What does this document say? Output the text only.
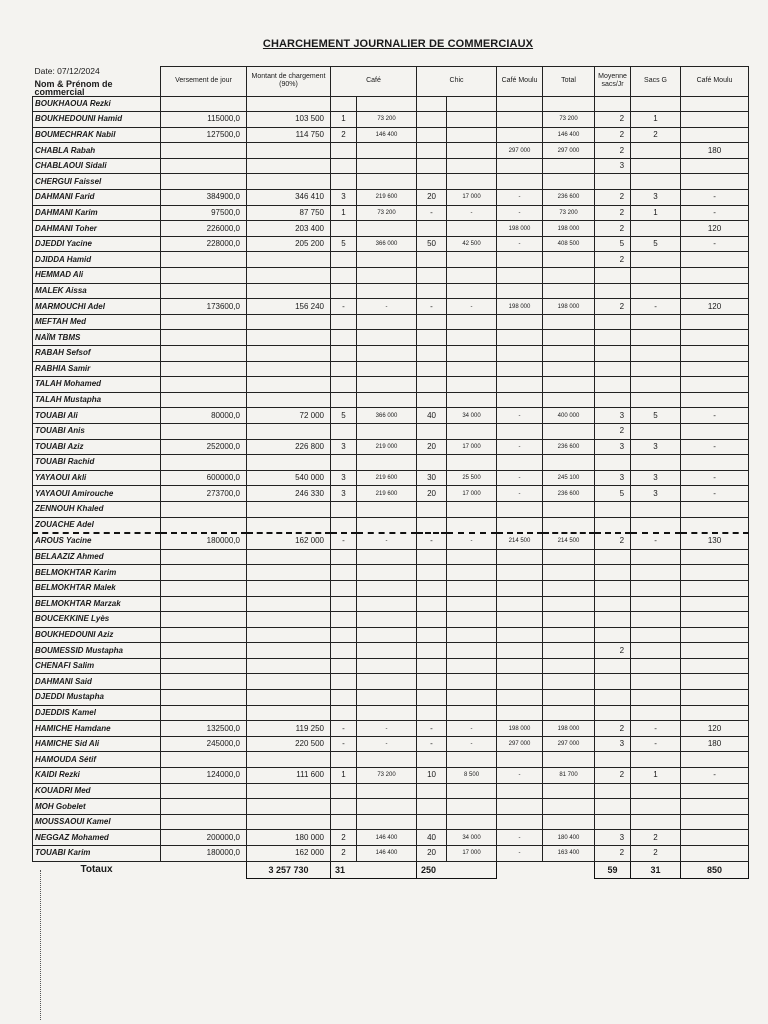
CHARCHEMENT JOURNALIER DE COMMERCIAUX
Date: 07/12/2024
Nom & Prénom de commercial	Versement de jour	Montant de chargement (90%)	Café		Chic		Café Moulu	Total	Moyenne sacs/Jr	Sacs G	Café Moulu
BOUKHAOUA Rezki											
BOUKHEDOUNI Hamid	115000,0	103 500	1	73 200				73 200	2	1	
BOUMECHRAK Nabil	127500,0	114 750	2	146 400				146 400	2	2	
CHABLA Rabah							297 000	297 000	2		180
CHABLAOUI Sidali									3		
CHERGUI Faissel											
DAHMANI Farid	384900,0	346 410	3	219 600	20	17 000	-	236 600	2	3	-
DAHMANI Karim	97500,0	87 750	1	73 200	-	-	-	73 200	2	1	-
DAHMANI Toher	226000,0	203 400					198 000	198 000	2		120
DJEDDI Yacine	228000,0	205 200	5	366 000	50	42 500	-	408 500	5	5	-
DJIDDA Hamid									2		
HEMMAD Ali											
MALEK Aissa											
MARMOUCHI Adel	173600,0	156 240	-	-	-	-	198 000	198 000	2	-	120
MEFTAH Med											
NAÏM TBMS											
RABAH Sefsof											
RABHIA Samir											
TALAH Mohamed											
TALAH Mustapha											
TOUABI Ali	80000,0	72 000	5	366 000	40	34 000	-	400 000	3	5	-
TOUABI Anis									2		
TOUABI Aziz	252000,0	226 800	3	219 000	20	17 000	-	236 600	3	3	-
TOUABI Rachid											
YAYAOUI Akli	600000,0	540 000	3	219 600	30	25 500	-	245 100	3	3	-
YAYAOUI Amirouche	273700,0	246 330	3	219 600	20	17 000	-	236 600	5	3	-
ZENNOUH Khaled											
ZOUACHE Adel											
AROUS Yacine	180000,0	162 000	-	-	-	-	214 500	214 500	2	-	130
BELAAZIZ Ahmed											
BELMOKHTAR Karim											
BELMOKHTAR Malek											
BELMOKHTAR Marzak											
BOUCEKKINE Lyès											
BOUKHEDOUNI Aziz											
BOUMESSID Mustapha									2		
CHENAFI Salim											
DAHMANI Said											
DJEDDI Mustapha											
DJEDDIS Kamel											
HAMICHE Hamdane	132500,0	119 250	-	-	-	-	198 000	198 000	2	-	120
HAMICHE Sid Ali	245000,0	220 500	-	-	-	-	297 000	297 000	3	-	180
HAMOUDA Sétif											
KAIDI Rezki	124000,0	111 600	1	73 200	10	8 500	-	81 700	2	1	-
KOUADRI Med											
MOH Gobelet											
MOUSSAOUI Kamel											
NEGGAZ Mohamed	200000,0	180 000	2	146 400	40	34 000	-	180 400	3	2	
TOUABI Karim	180000,0	162 000	2	146 400	20	17 000	-	163 400	2	2	
Totaux		3 257 730	31		250				59	31	850
